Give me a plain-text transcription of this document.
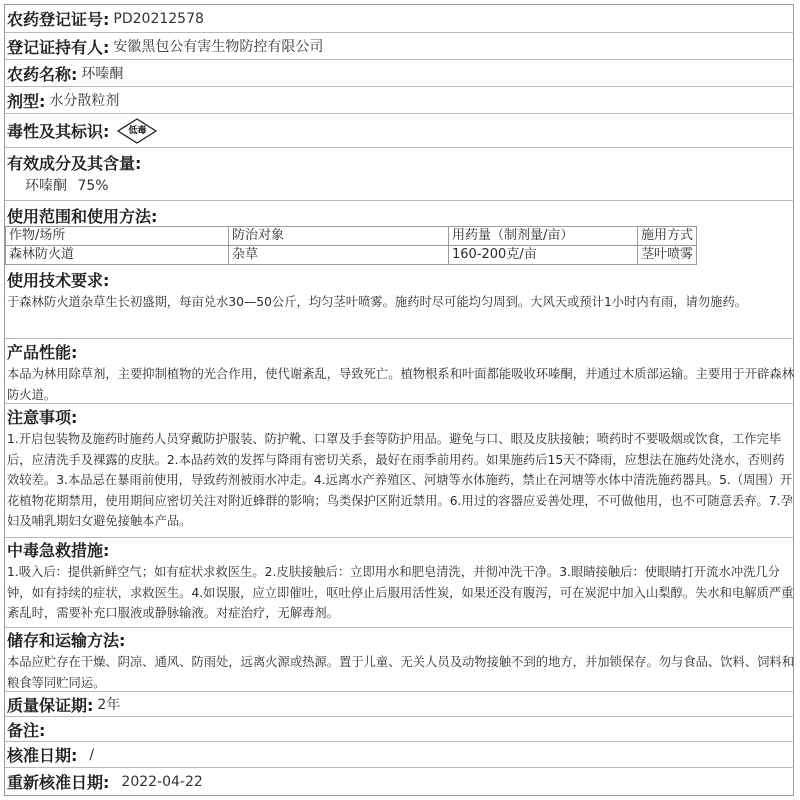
农药登记证号: PD20212578
登记证持有人: 安徽黑包公有害生物防控有限公司
农药名称: 环嗪酮
剂型: 水分散粒剂
毒性及其标识:	低毒
有效成分及其含量:
环嗪酮 75%
使用范围和使用方法:
作物/场所	防治对象	用药量（制剂量/亩）	施用方式
森林防火道	杂草	160-200克/亩	茎叶喷雾
使用技术要求:

于森林防火道杂草生长初盛期，每亩兑水30—50公斤，均匀茎叶喷雾。施药时尽可能均匀周到。大风天或预计1小时内有雨，请勿施药。

产品性能:

本品为林用除草剂，主要抑制植物的光合作用，使代谢紊乱，导致死亡。植物根系和叶面都能吸收环嗪酮，并通过木质部运输。主要用于开辟森林防火道。

注意事项:

1.开启包装物及施药时施药人员穿戴防护服装、防护靴、口罩及手套等防护用品。避免与口、眼及皮肤接触；喷药时不要吸烟或饮食，工作完毕后，应清洗手及裸露的皮肤。2.本品药效的发挥与降雨有密切关系，最好在雨季前用药。如果施药后15天不降雨，应想法在施药处浇水，否则药效较差。3.本品忌在暴雨前使用，导致药剂被雨水冲走。4.远离水产养殖区、河塘等水体施药，禁止在河塘等水体中清洗施药器具。5.（周围）开花植物花期禁用，使用期间应密切关注对附近蜂群的影响；鸟类保护区附近禁用。6.用过的容器应妥善处理，不可做他用，也不可随意丢弃。7.孕妇及哺乳期妇女避免接触本产品。

中毒急救措施:

1.吸入后：提供新鲜空气；如有症状求救医生。2.皮肤接触后：立即用水和肥皂清洗，并彻冲洗干净。3.眼睛接触后：使眼睛打开流水冲洗几分钟，如有持续的症状，求救医生。4.如误服，应立即催吐，呕吐停止后服用活性炭，如果还没有腹泻，可在炭泥中加入山梨醇。失水和电解质严重紊乱时，需要补充口服液或静脉输液。对症治疗，无解毒剂。

储存和运输方法:

本品应贮存在干燥、阴凉、通风、防雨处，远离火源或热源。置于儿童、无关人员及动物接触不到的地方，并加锁保存。勿与食品、饮料、饲料和粮食等同贮同运。

质量保证期: 2年
备注:
核准日期: /
重新核准日期: 2022-04-22
